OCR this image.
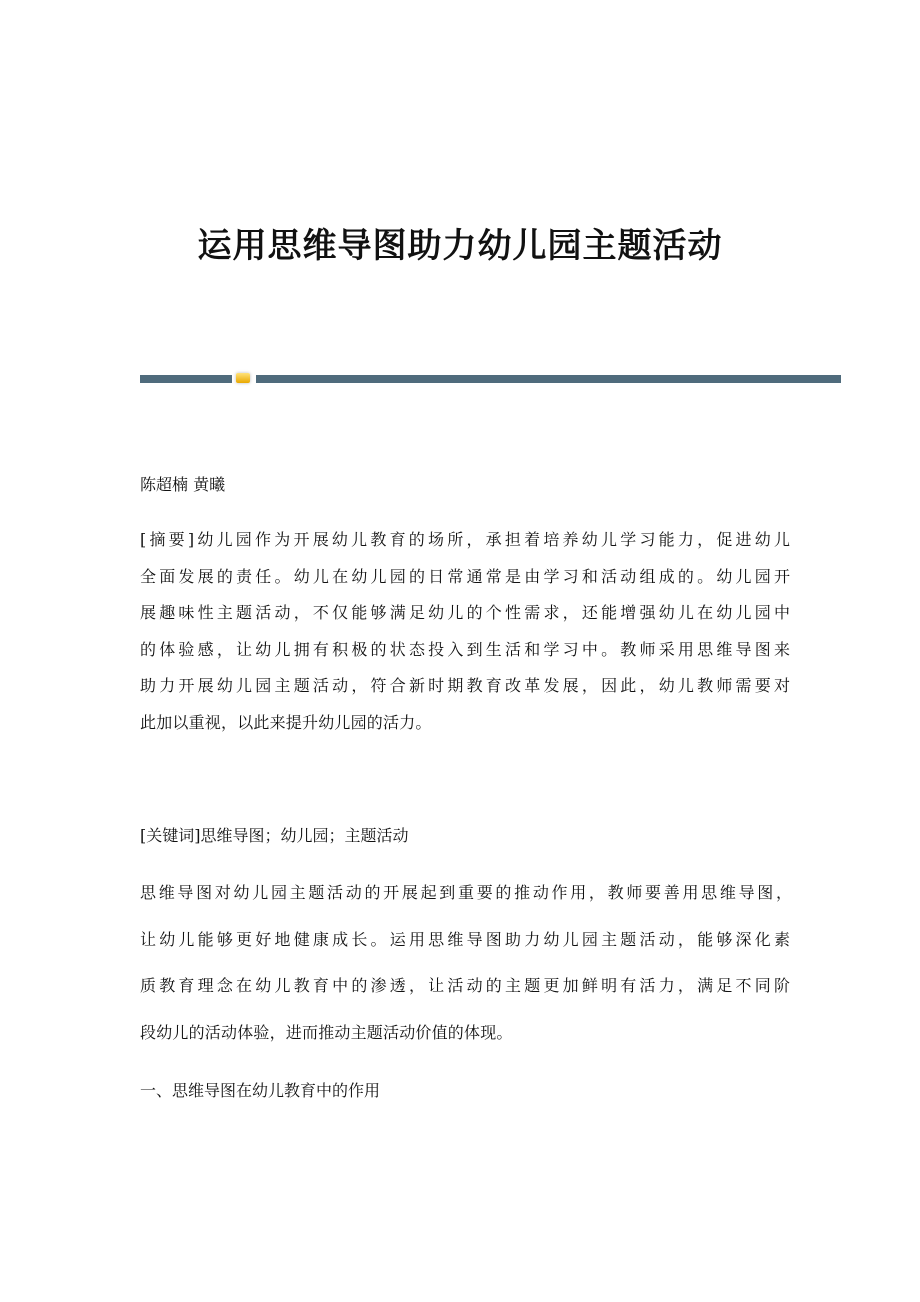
运用思维导图助力幼儿园主题活动
陈超楠 黄曦
[摘要]幼儿园作为开展幼儿教育的场所，承担着培养幼儿学习能力，促进幼儿
全面发展的责任。幼儿在幼儿园的日常通常是由学习和活动组成的。幼儿园开
展趣味性主题活动，不仅能够满足幼儿的个性需求，还能增强幼儿在幼儿园中
的体验感，让幼儿拥有积极的状态投入到生活和学习中。教师采用思维导图来
助力开展幼儿园主题活动，符合新时期教育改革发展，因此，幼儿教师需要对
此加以重视，以此来提升幼儿园的活力。
[关键词]思维导图；幼儿园；主题活动
思维导图对幼儿园主题活动的开展起到重要的推动作用，教师要善用思维导图，
让幼儿能够更好地健康成长。运用思维导图助力幼儿园主题活动，能够深化素
质教育理念在幼儿教育中的渗透，让活动的主题更加鲜明有活力，满足不同阶
段幼儿的活动体验，进而推动主题活动价值的体现。
一、思维导图在幼儿教育中的作用
